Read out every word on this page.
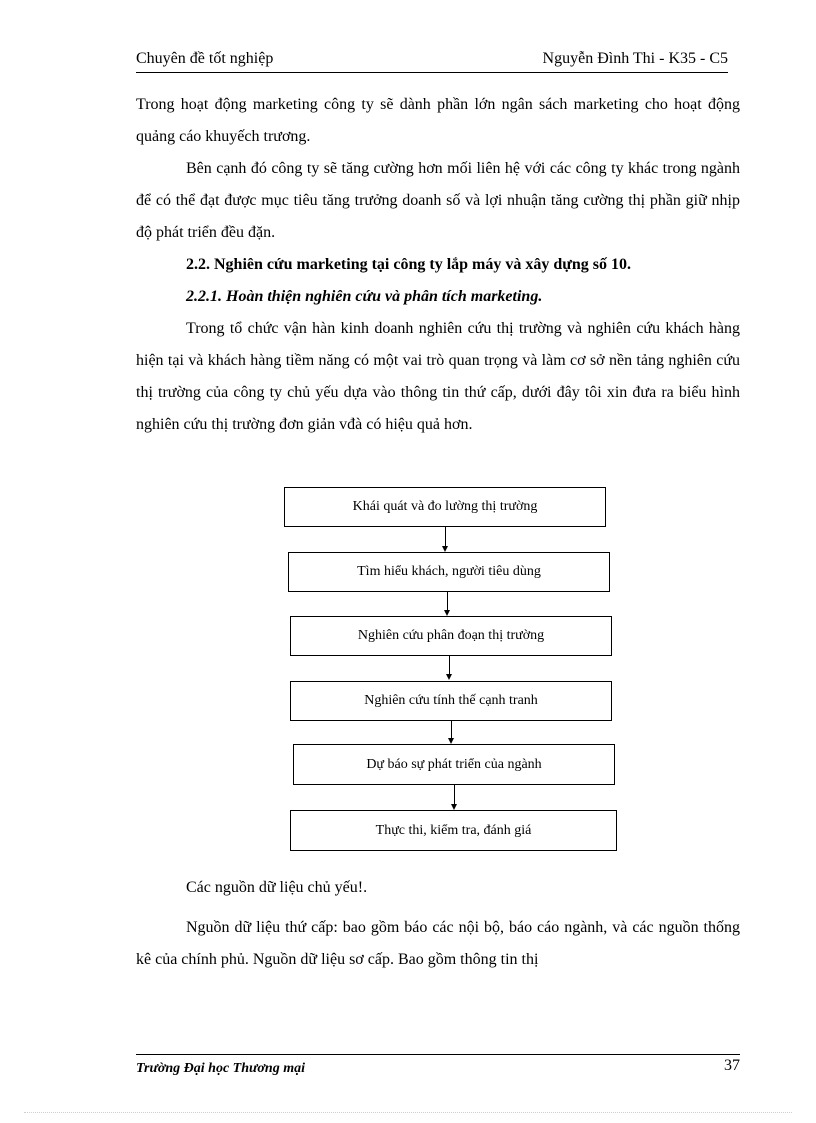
Chuyên đề tốt nghiệp	Nguyễn Đình Thi - K35 - C5

Trong hoạt động marketing công ty sẽ dành phần lớn ngân sách marketing cho hoạt động quảng cáo khuyếch trương.

Bên cạnh đó công ty sẽ tăng cường hơn mối liên hệ với các công ty khác trong ngành để có thể đạt được mục tiêu tăng trưởng doanh số và lợi nhuận tăng cường thị phần giữ nhịp độ phát triển đều đặn.

2.2. Nghiên cứu marketing tại công ty lắp máy và xây dựng số 10.

2.2.1. Hoàn thiện nghiên cứu và phân tích marketing.

Trong tổ chức vận hàn kinh doanh nghiên cứu thị trường và nghiên cứu khách hàng hiện tại và khách hàng tiềm năng có một vai trò quan trọng và làm cơ sở nền tảng nghiên cứu thị trường của công ty chủ yếu dựa vào thông tin thứ cấp, dưới đây tôi xin đưa ra biểu hình nghiên cứu thị trường đơn giản vđà có hiệu quả hơn.

Khái quát và đo lường thị trường
Tìm hiểu khách, người tiêu dùng
Nghiên cứu phân đoạn thị trường
Nghiên cứu tính thế cạnh tranh
Dự báo sự phát triển của ngành
Thực thi, kiểm tra, đánh giá

Các nguồn dữ liệu chủ yếu!.

Nguồn dữ liệu thứ cấp: bao gồm báo các nội bộ, báo cáo ngành, và các nguồn thống kê của chính phủ. Nguồn dữ liệu sơ cấp. Bao gồm thông tin thị

Trường Đại học Thương mại	37
